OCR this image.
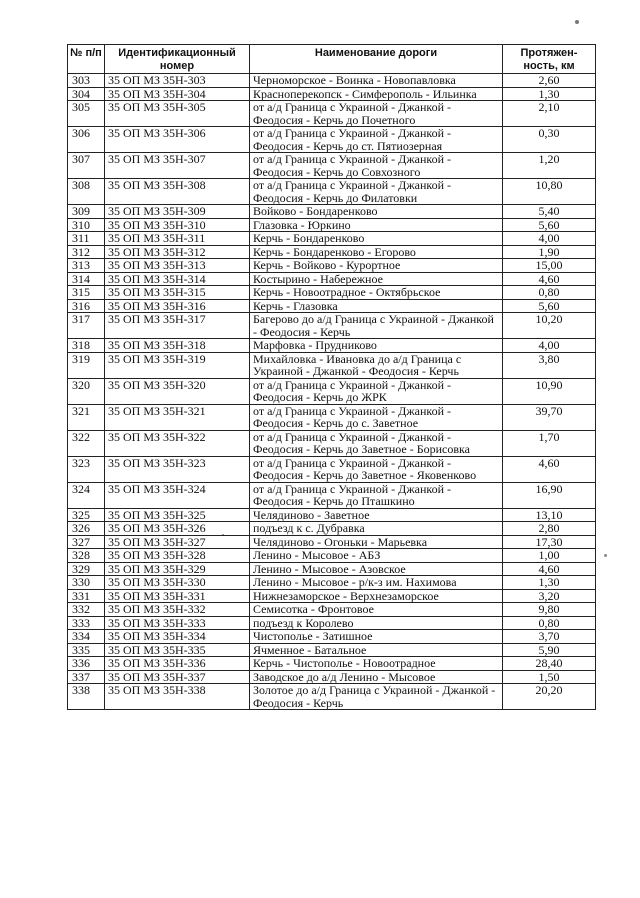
№ п/п	Идентификационный номер	Наименование дороги	Протяжен-ность, км
303	35 ОП МЗ 35Н-303	Черноморское - Воинка - Новопавловка	2,60
304	35 ОП МЗ 35Н-304	Красноперекопск - Симферополь - Ильинка	1,30
305	35 ОП МЗ 35Н-305	от а/д Граница с Украиной - Джанкой - Феодосия - Керчь до Почетного	2,10
306	35 ОП МЗ 35Н-306	от а/д Граница с Украиной - Джанкой - Феодосия - Керчь до ст. Пятиозерная	0,30
307	35 ОП МЗ 35Н-307	от а/д Граница с Украиной - Джанкой - Феодосия - Керчь до Совхозного	1,20
308	35 ОП МЗ 35Н-308	от а/д Граница с Украиной - Джанкой - Феодосия - Керчь до Филатовки	10,80
309	35 ОП МЗ 35Н-309	Войково - Бондаренково	5,40
310	35 ОП МЗ 35Н-310	Глазовка - Юркино	5,60
311	35 ОП МЗ 35Н-311	Керчь - Бондаренково	4,00
312	35 ОП МЗ 35Н-312	Керчь - Бондаренково - Егорово	1,90
313	35 ОП МЗ 35Н-313	Керчь - Войково - Курортное	15,00
314	35 ОП МЗ 35Н-314	Костырино - Набережное	4,60
315	35 ОП МЗ 35Н-315	Керчь - Новоотрадное - Октябрьское	0,80
316	35 ОП МЗ 35Н-316	Керчь - Глазовка	5,60
317	35 ОП МЗ 35Н-317	Багерово до а/д Граница с Украиной - Джанкой - Феодосия - Керчь	10,20
318	35 ОП МЗ 35Н-318	Марфовка - Прудниково	4,00
319	35 ОП МЗ 35Н-319	Михайловка - Ивановка до а/д Граница с Украиной - Джанкой - Феодосия - Керчь	3,80
320	35 ОП МЗ 35Н-320	от а/д Граница с Украиной - Джанкой - Феодосия - Керчь до ЖРК	10,90
321	35 ОП МЗ 35Н-321	от а/д Граница с Украиной - Джанкой - Феодосия - Керчь до с. Заветное	39,70
322	35 ОП МЗ 35Н-322	от а/д Граница с Украиной - Джанкой - Феодосия - Керчь до Заветное - Борисовка	1,70
323	35 ОП МЗ 35Н-323	от а/д Граница с Украиной - Джанкой - Феодосия - Керчь до Заветное - Яковенково	4,60
324	35 ОП МЗ 35Н-324	от а/д Граница с Украиной - Джанкой - Феодосия - Керчь до Пташкино	16,90
325	35 ОП МЗ 35Н-325	Челядиново - Заветное	13,10
326	35 ОП МЗ 35Н-326	подъезд к с. Дубравка	2,80
327	35 ОП МЗ 35Н-327	Челядиново - Огоньки - Марьевка	17,30
328	35 ОП МЗ 35Н-328	Ленино - Мысовое - АБЗ	1,00
329	35 ОП МЗ 35Н-329	Ленино - Мысовое - Азовское	4,60
330	35 ОП МЗ 35Н-330	Ленино - Мысовое - р/к-з им. Нахимова	1,30
331	35 ОП МЗ 35Н-331	Нижнезаморское - Верхнезаморское	3,20
332	35 ОП МЗ 35Н-332	Семисотка - Фронтовое	9,80
333	35 ОП МЗ 35Н-333	подъезд к Королево	0,80
334	35 ОП МЗ 35Н-334	Чистополье - Затишное	3,70
335	35 ОП МЗ 35Н-335	Ячменное - Батальное	5,90
336	35 ОП МЗ 35Н-336	Керчь - Чистополье - Новоотрадное	28,40
337	35 ОП МЗ 35Н-337	Заводское до а/д Ленино - Мысовое	1,50
338	35 ОП МЗ 35Н-338	Золотое до а/д Граница с Украиной - Джанкой - Феодосия - Керчь	20,20
